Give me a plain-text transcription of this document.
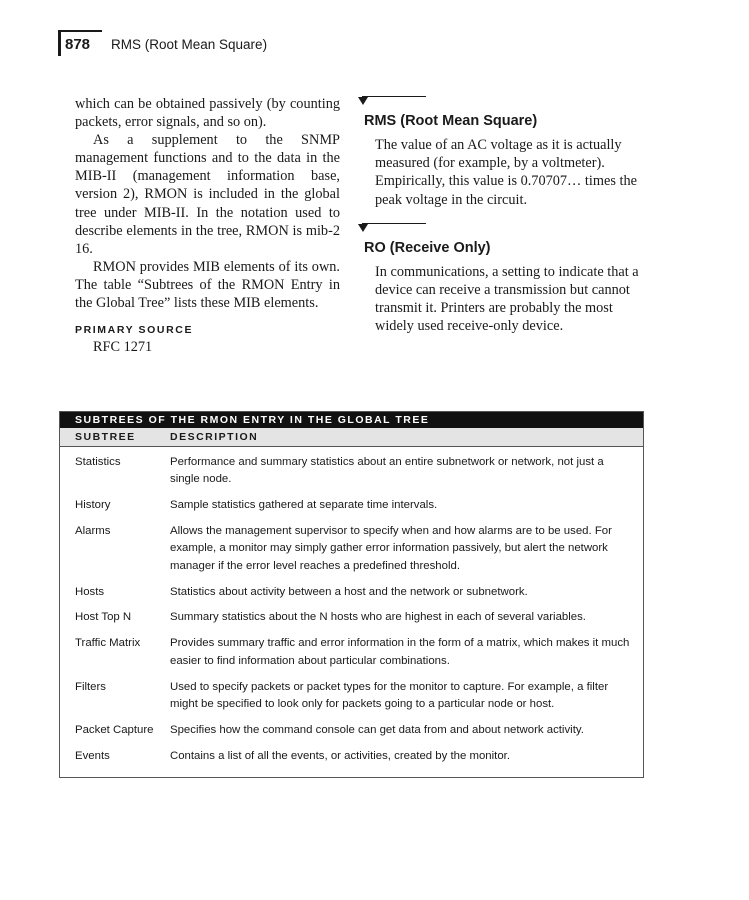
878 RMS (Root Mean Square)

which can be obtained passively (by counting packets, error signals, and so on).

As a supplement to the SNMP management functions and to the data in the MIB-II (management information base, version 2), RMON is included in the global tree under MIB-II. In the notation used to describe elements in the tree, RMON is mib-2 16.

RMON provides MIB elements of its own. The table “Subtrees of the RMON Entry in the Global Tree” lists these MIB elements.

PRIMARY SOURCE
RFC 1271
RMS (Root Mean Square)

The value of an AC voltage as it is actually measured (for example, by a voltmeter). Empirically, this value is 0.70707… times the peak voltage in the circuit.

RO (Receive Only)

In communications, a setting to indicate that a device can receive a transmission but cannot transmit it. Printers are probably the most widely used receive-only device.

SUBTREES OF THE RMON ENTRY IN THE GLOBAL TREE
SUBTREE	DESCRIPTION
Statistics	Performance and summary statistics about an entire subnetwork or network, not just a single node.
History	Sample statistics gathered at separate time intervals.
Alarms	Allows the management supervisor to specify when and how alarms are to be used. For example, a monitor may simply gather error information passively, but alert the network manager if the error level reaches a predefined threshold.
Hosts	Statistics about activity between a host and the network or subnetwork.
Host Top N	Summary statistics about the N hosts who are highest in each of several variables.
Traffic Matrix	Provides summary traffic and error information in the form of a matrix, which makes it much easier to find information about particular combinations.
Filters	Used to specify packets or packet types for the monitor to capture. For example, a filter might be specified to look only for packets going to a particular node or host.
Packet Capture	Specifies how the command console can get data from and about network activity.
Events	Contains a list of all the events, or activities, created by the monitor.
